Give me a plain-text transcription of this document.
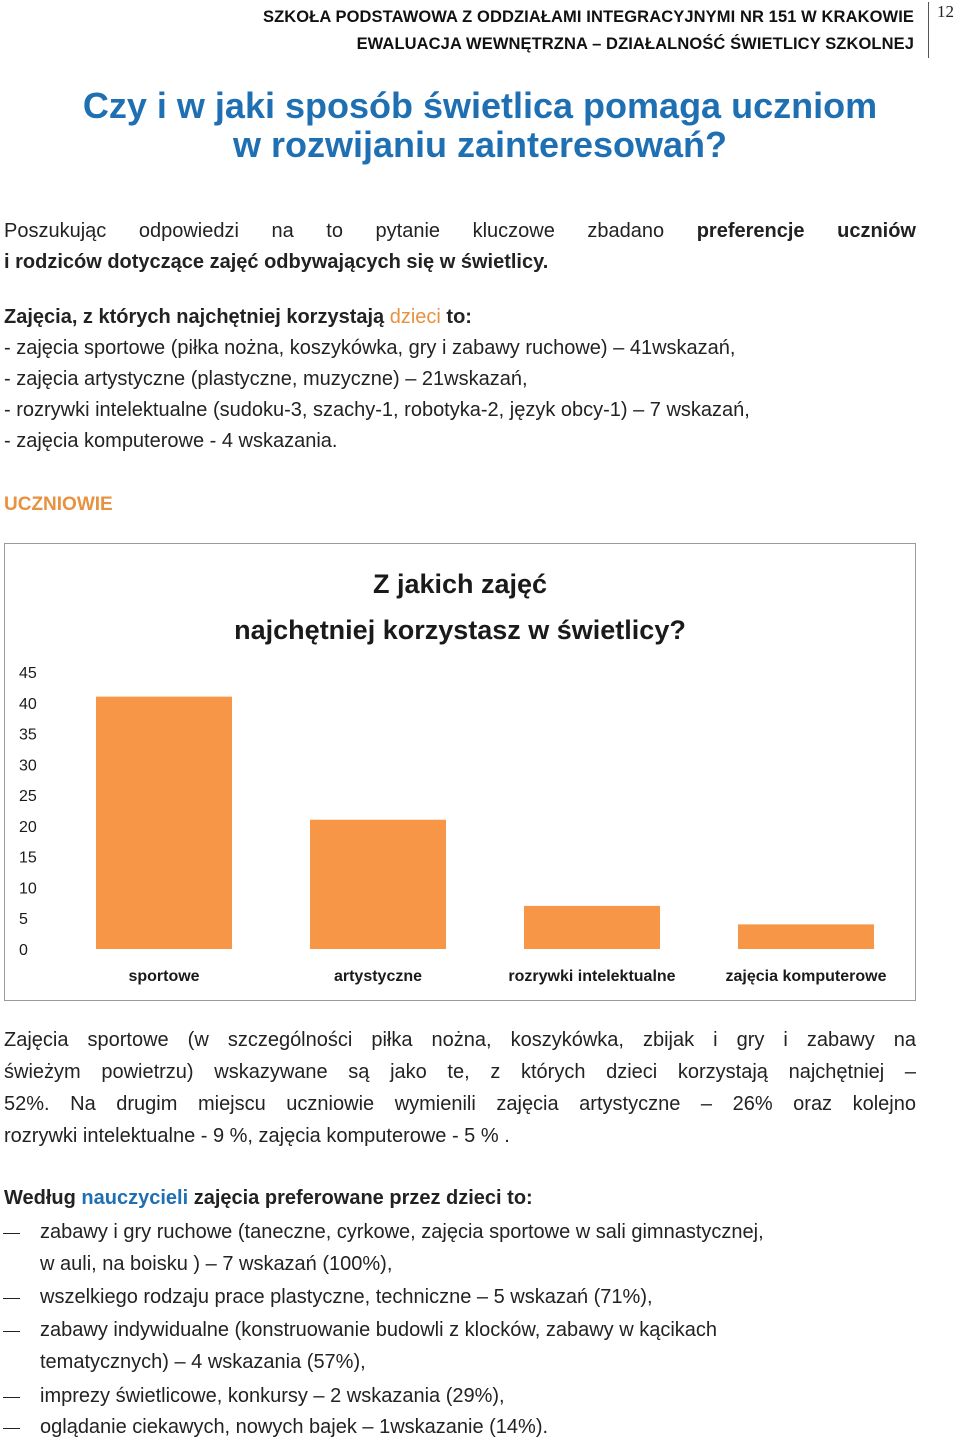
SZKOŁA PODSTAWOWA Z ODDZIAŁAMI INTEGRACYJNYMI NR 151 W KRAKOWIE
EWALUACJA WEWNĘTRZNA – DZIAŁALNOŚĆ ŚWIETLICY SZKOLNEJ
12
Czy i w jaki sposób świetlica pomaga uczniom
w rozwijaniu zainteresowań?
Poszukując odpowiedzi na to pytanie kluczowe zbadano preferencje uczniów
i rodziców dotyczące zajęć odbywających się w świetlicy.
Zajęcia, z których najchętniej korzystają dzieci to:
- zajęcia sportowe (piłka nożna, koszykówka, gry i zabawy ruchowe) – 41wskazań,
- zajęcia artystyczne (plastyczne, muzyczne) – 21wskazań,
- rozrywki intelektualne (sudoku-3, szachy-1, robotyka-2, język obcy-1) – 7 wskazań,
- zajęcia komputerowe - 4 wskazania.
UCZNIOWIE
Z jakich zajęć
najchętniej korzystasz w świetlicy?
0
5
10
15
20
25
30
35
40
45
sportowe	artystyczne	rozrywki intelektualne	zajęcia komputerowe
Zajęcia sportowe (w szczególności piłka nożna, koszykówka, zbijak i gry i zabawy na
świeżym powietrzu) wskazywane są jako te, z których dzieci korzystają najchętniej –
52%. Na drugim miejscu uczniowie wymienili zajęcia artystyczne – 26% oraz kolejno
rozrywki intelektualne - 9 %, zajęcia komputerowe - 5 % .
Według nauczycieli zajęcia preferowane przez dzieci to:
zabawy i gry ruchowe (taneczne, cyrkowe, zajęcia sportowe w sali gimnastycznej,
w auli, na boisku ) – 7 wskazań (100%),
wszelkiego rodzaju prace plastyczne, techniczne – 5 wskazań (71%),
zabawy indywidualne (konstruowanie budowli z klocków, zabawy w kącikach
tematycznych) – 4 wskazania (57%),
imprezy świetlicowe, konkursy – 2 wskazania (29%),
oglądanie ciekawych, nowych bajek – 1wskazanie (14%).
